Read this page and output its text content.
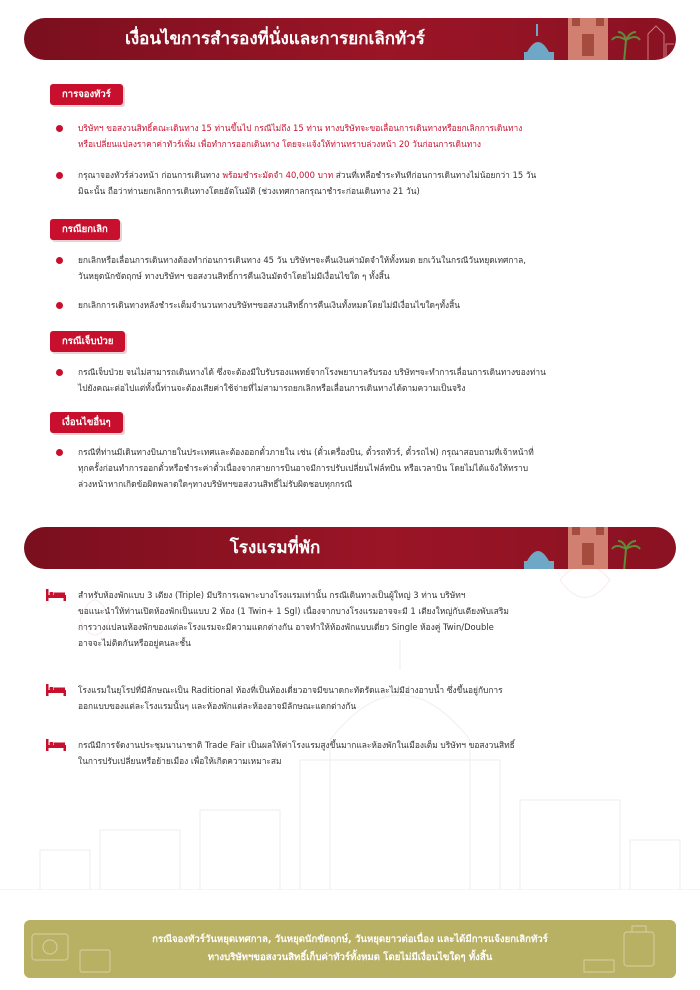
เงื่อนไขการสำรองที่นั่งและการยกเลิกทัวร์
การจองทัวร์
บริษัทฯ ขอสงวนสิทธิ์คณะเดินทาง 15 ท่านขึ้นไป กรณีไม่ถึง 15 ท่าน ทางบริษัทจะขอเลื่อนการเดินทางหรือยกเลิกการเดินทาง
หรือเปลี่ยนแปลงราคาค่าทัวร์เพิ่ม เพื่อทำการออกเดินทาง โดยจะแจ้งให้ท่านทราบล่วงหน้า 20 วันก่อนการเดินทาง
กรุณาจองทัวร์ล่วงหน้า ก่อนการเดินทาง พร้อมชำระมัดจำ 40,000 บาท ส่วนที่เหลือชำระทันทีก่อนการเดินทางไม่น้อยกว่า 15 วัน
มิฉะนั้น ถือว่าท่านยกเลิกการเดินทางโดยอัตโนมัติ (ช่วงเทศกาลกรุณาชำระก่อนเดินทาง 21 วัน)
กรณียกเลิก
ยกเลิกหรือเลื่อนการเดินทางต้องทำก่อนการเดินทาง 45 วัน บริษัทฯจะคืนเงินค่ามัดจำให้ทั้งหมด ยกเว้นในกรณีวันหยุดเทศกาล,
วันหยุดนักขัตฤกษ์ ทางบริษัทฯ ขอสงวนสิทธิ์การคืนเงินมัดจำโดยไม่มีเงื่อนไขใด ๆ ทั้งสิ้น
ยกเลิกการเดินทางหลังชำระเต็มจำนวนทางบริษัทฯขอสงวนสิทธิ์การคืนเงินทั้งหมดโดยไม่มีเงื่อนไขใดๆทั้งสิ้น
กรณีเจ็บป่วย
กรณีเจ็บป่วย จนไม่สามารถเดินทางได้ ซึ่งจะต้องมีใบรับรองแพทย์จากโรงพยาบาลรับรอง บริษัทฯจะทำการเลื่อนการเดินทางของท่าน
ไปยังคณะต่อไปแต่ทั้งนี้ท่านจะต้องเสียค่าใช้จ่ายที่ไม่สามารถยกเลิกหรือเลื่อนการเดินทางได้ตามความเป็นจริง
เงื่อนไขอื่นๆ
กรณีที่ท่านมีเดินทางบินภายในประเทศและต้องออกตั๋วภายใน เช่น (ตั๋วเครื่องบิน, ตั๋วรถทัวร์, ตั๋วรถไฟ) กรุณาสอบถามที่เจ้าหน้าที่
ทุกครั้งก่อนทำการออกตั๋วหรือชำระค่าตั๋วเนื่องจากสายการบินอาจมีการปรับเปลี่ยนไฟล์ทบิน หรือเวลาบิน โดยไม่ได้แจ้งให้ทราบ
ล่วงหน้าหากเกิดข้อผิดพลาดใดๆทางบริษัทฯขอสงวนสิทธิ์ไม่รับผิดชอบทุกกรณี
โรงแรมที่พัก
สำหรับห้องพักแบบ 3 เตียง (Triple) มีบริการเฉพาะบางโรงแรมเท่านั้น กรณีเดินทางเป็นผู้ใหญ่ 3 ท่าน บริษัทฯ
ขอแนะนำให้ท่านเปิดห้องพักเป็นแบบ 2 ห้อง (1 Twin+ 1 Sgl) เนื่องจากบางโรงแรมอาจจะมี 1 เตียงใหญ่กับเตียงพับเสริม
การวางแปลนห้องพักของแต่ละโรงแรมจะมีความแตกต่างกัน อาจทำให้ห้องพักแบบเดี่ยว Single ห้องคู่ Twin/Double
อาจจะไม่ติดกันหรืออยู่คนละชั้น
โรงแรมในยุโรปที่มีลักษณะเป็น Raditional ห้องที่เป็นห้องเดี่ยวอาจมีขนาดกะทัดรัดและไม่มีอ่างอาบน้ำ ซึ่งขึ้นอยู่กับการ
ออกแบบของแต่ละโรงแรมนั้นๆ และห้องพักแต่ละห้องอาจมีลักษณะแตกต่างกัน
กรณีมีการจัดงานประชุมนานาชาติ Trade Fair เป็นผลให้ค่าโรงแรมสูงขึ้นมากและห้องพักในเมืองเต็ม บริษัทฯ ขอสงวนสิทธิ์
ในการปรับเปลี่ยนหรือย้ายเมือง เพื่อให้เกิดความเหมาะสม
กรณีจองทัวร์วันหยุดเทศกาล, วันหยุดนักขัตฤกษ์, วันหยุดยาวต่อเนื่อง และได้มีการแจ้งยกเลิกทัวร์
ทางบริษัทฯขอสงวนสิทธิ์เก็บค่าทัวร์ทั้งหมด โดยไม่มีเงื่อนไขใดๆ ทั้งสิ้น
